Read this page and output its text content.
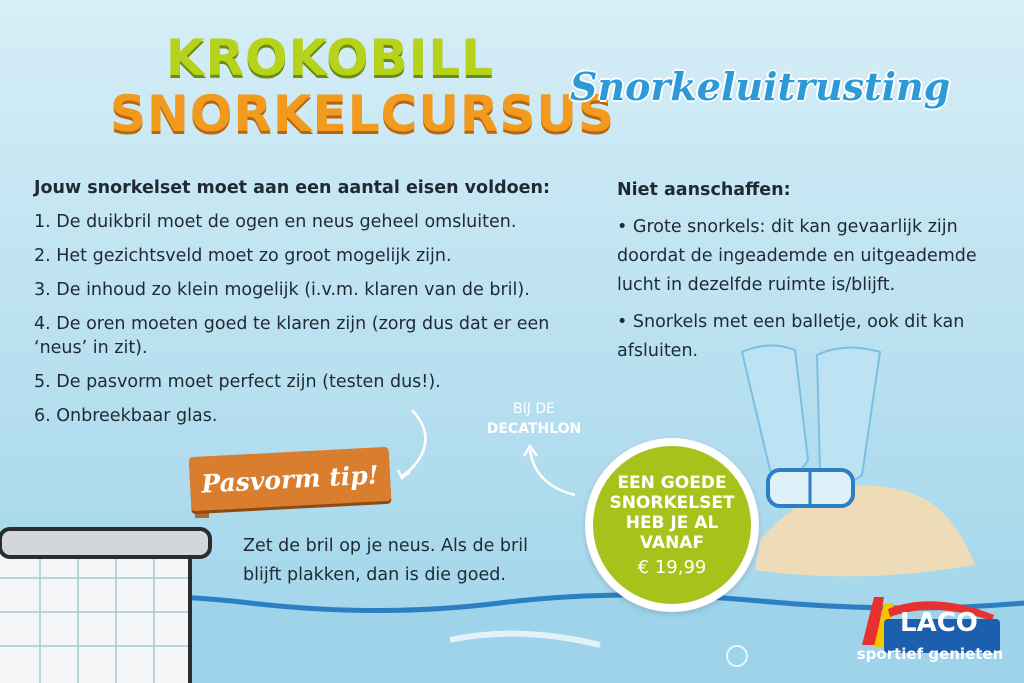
KROKOBILL
SNORKELCURSUS
Snorkeluitrusting
Jouw snorkelset moet aan een aantal eisen voldoen:
1. De duikbril moet de ogen en neus geheel omsluiten.
2. Het gezichtsveld moet zo groot mogelijk zijn.
3. De inhoud zo klein mogelijk (i.v.m. klaren van de bril).
4. De oren moeten goed te klaren zijn (zorg dus dat er een ‘neus’ in zit).
5. De pasvorm moet perfect zijn (testen dus!).
6. Onbreekbaar glas.
Niet aanschaffen:
• Grote snorkels: dit kan gevaarlijk zijn doordat de ingeademde en uitgeademde lucht in dezelfde ruimte is/blijft.
• Snorkels met een balletje, ook dit kan afsluiten.
Pasvorm tip!
Zet de bril op je neus. Als de bril blijft plakken, dan is die goed.
BIJ DE
DECATHLON
EEN GOEDE SNORKELSET HEB JE AL VANAF
€ 19,99
LACO
sportief genieten
